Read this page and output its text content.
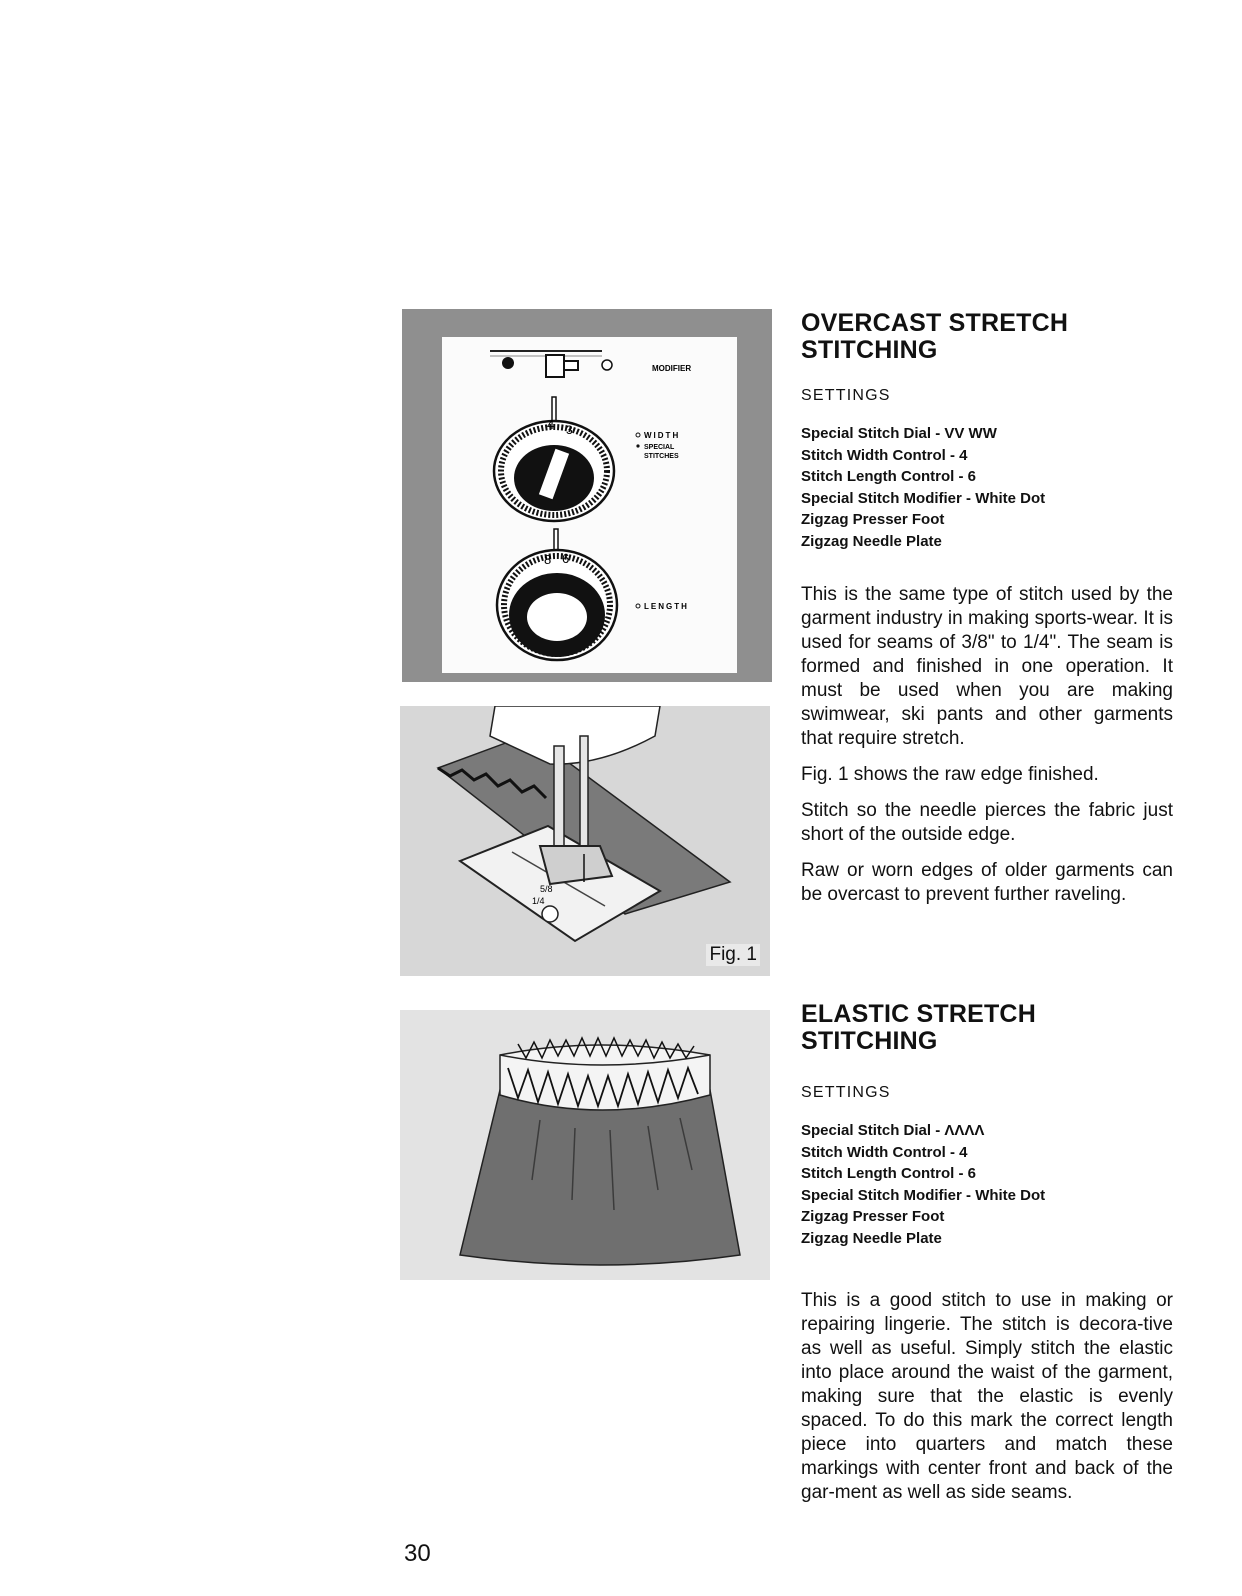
MODIFIER
4 3	WIDTH
SPECIAL
STITCHES
8 6
LENGTH
5/8
1/4
Fig. 1
OVERCAST STRETCH
STITCHING

SETTINGS

Special Stitch Dial - VV WW
Stitch Width Control - 4
Stitch Length Control - 6
Special Stitch Modifier - White Dot
Zigzag Presser Foot
Zigzag Needle Plate

This is the same type of stitch used by the garment industry in making sports-wear. It is used for seams of 3/8" to 1/4". The seam is formed and finished in one operation. It must be used when you are making swimwear, ski pants and other garments that require stretch.

Fig. 1 shows the raw edge finished.

Stitch so the needle pierces the fabric just short of the outside edge.

Raw or worn edges of older garments can be overcast to prevent further raveling.

ELASTIC STRETCH STITCHING

SETTINGS

Special Stitch Dial - ΛΛΛΛ
Stitch Width Control - 4
Stitch Length Control - 6
Special Stitch Modifier - White Dot
Zigzag Presser Foot
Zigzag Needle Plate

This is a good stitch to use in making or repairing lingerie. The stitch is decora-tive as well as useful. Simply stitch the elastic into place around the waist of the garment, making sure that the elastic is evenly spaced. To do this mark the correct length piece into quarters and match these markings with center front and back of the gar-ment as well as side seams.

30
